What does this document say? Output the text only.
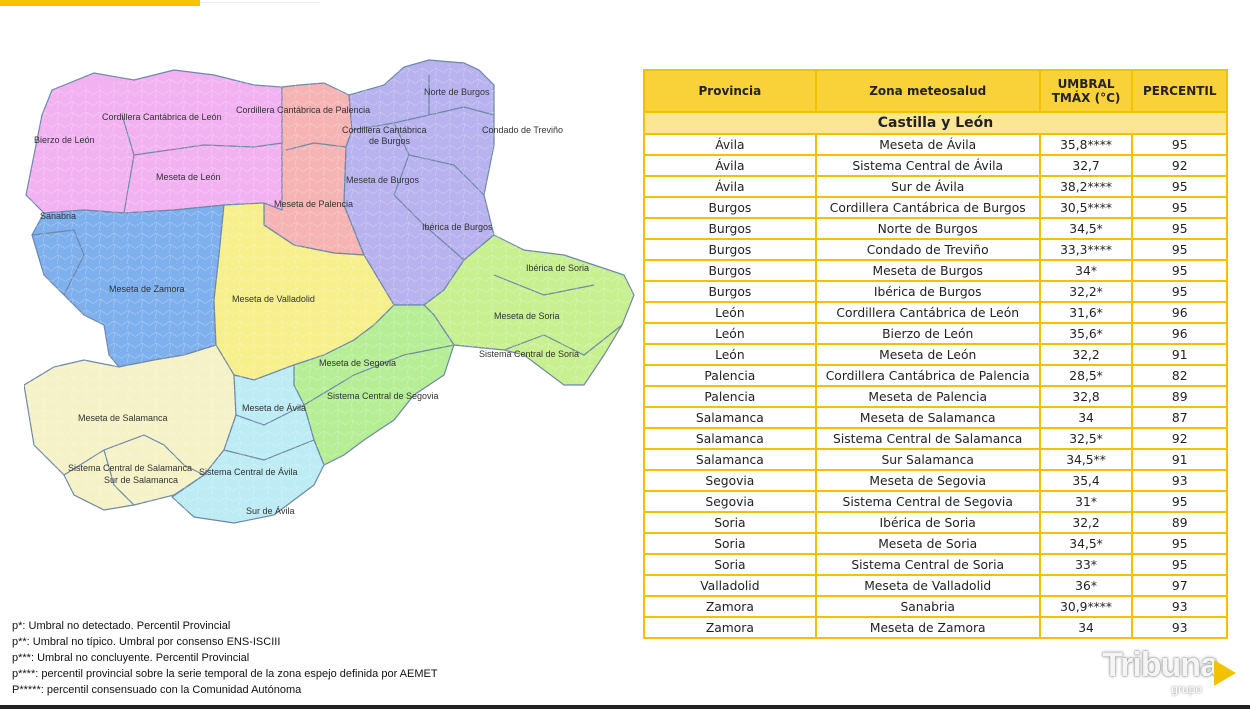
Bierzo de León
Cordillera Cantábrica de León
Cordillera Cantábrica de Palencia
Norte de Burgos
Cordillera Cantábrica
de Burgos
Condado de Treviño
Meseta de León
Meseta de Palencia
Meseta de Burgos
Ibérica de Burgos
Sanabria
Meseta de Zamora
Meseta de Valladolid
Ibérica de Soria
Meseta de Soria
Sistema Central de Soria
Meseta de Segovia
Sistema Central de Segovia
Meseta de Ávila
Meseta de Salamanca
Sistema Central de Salamanca
Sur de Salamanca
Sistema Central de Ávila
Sur de Ávila
p*: Umbral no detectado. Percentil Provincial
p**: Umbral no típico. Umbral por consenso ENS-ISCIII
p***: Umbral no concluyente. Percentil Provincial
p****: percentil provincial sobre la serie temporal de la zona espejo definida por AEMET
P*****: percentil consensuado con la Comunidad Autónoma
Provincia	Zona meteosalud	UMBRAL TMÁX (°C)	PERCENTIL
Castilla y León			
Ávila	Meseta de Ávila	35,8****	95
Ávila	Sistema Central de Ávila	32,7	92
Ávila	Sur de Ávila	38,2****	95
Burgos	Cordillera Cantábrica de Burgos	30,5****	95
Burgos	Norte de Burgos	34,5*	95
Burgos	Condado de Treviño	33,3****	95
Burgos	Meseta de Burgos	34*	95
Burgos	Ibérica de Burgos	32,2*	95
León	Cordillera Cantábrica de León	31,6*	96
León	Bierzo de León	35,6*	96
León	Meseta de León	32,2	91
Palencia	Cordillera Cantábrica de Palencia	28,5*	82
Palencia	Meseta de Palencia	32,8	89
Salamanca	Meseta de Salamanca	34	87
Salamanca	Sistema Central de Salamanca	32,5*	92
Salamanca	Sur Salamanca	34,5**	91
Segovia	Meseta de Segovia	35,4	93
Segovia	Sistema Central de Segovia	31*	95
Soria	Ibérica de Soria	32,2	89
Soria	Meseta de Soria	34,5*	95
Soria	Sistema Central de Soria	33*	95
Valladolid	Meseta de Valladolid	36*	97
Zamora	Sanabria	30,9****	93
Zamora	Meseta de Zamora	34	93
Tribuna
grupo
